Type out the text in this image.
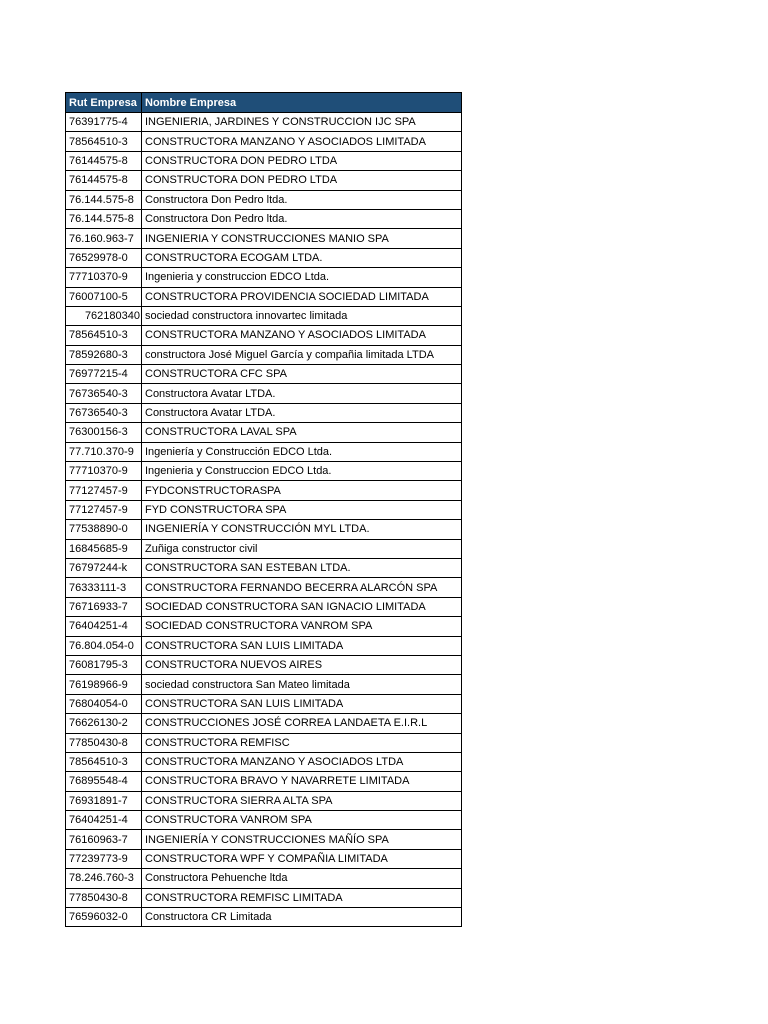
Rut Empresa	Nombre Empresa
76391775-4	INGENIERIA, JARDINES Y CONSTRUCCION IJC SPA
78564510-3	CONSTRUCTORA MANZANO Y ASOCIADOS LIMITADA
76144575-8	CONSTRUCTORA DON PEDRO LTDA
76144575-8	CONSTRUCTORA DON PEDRO LTDA
76.144.575-8	Constructora Don Pedro ltda.
76.144.575-8	Constructora Don Pedro ltda.
76.160.963-7	INGENIERIA Y CONSTRUCCIONES MANIO SPA
76529978-0	CONSTRUCTORA ECOGAM LTDA.
77710370-9	Ingenieria y construccion EDCO Ltda.
76007100-5	CONSTRUCTORA PROVIDENCIA SOCIEDAD LIMITADA
762180340	sociedad constructora innovartec limitada
78564510-3	CONSTRUCTORA MANZANO Y ASOCIADOS LIMITADA
78592680-3	constructora José Miguel García y compañia limitada LTDA
76977215-4	CONSTRUCTORA CFC SPA
76736540-3	Constructora Avatar LTDA.
76736540-3	Constructora Avatar LTDA.
76300156-3	CONSTRUCTORA LAVAL SPA
77.710.370-9	Ingeniería y Construcción EDCO Ltda.
77710370-9	Ingenieria y Construccion EDCO Ltda.
77127457-9	FYDCONSTRUCTORASPA
77127457-9	FYD CONSTRUCTORA SPA
77538890-0	INGENIERÍA Y CONSTRUCCIÓN MYL LTDA.
16845685-9	Zuñiga constructor civil
76797244-k	CONSTRUCTORA SAN ESTEBAN LTDA.
76333111-3	CONSTRUCTORA FERNANDO BECERRA ALARCÓN SPA
76716933-7	SOCIEDAD CONSTRUCTORA SAN IGNACIO LIMITADA
76404251-4	SOCIEDAD CONSTRUCTORA VANROM SPA
76.804.054-0	CONSTRUCTORA SAN LUIS LIMITADA
76081795-3	CONSTRUCTORA NUEVOS AIRES
76198966-9	sociedad constructora San Mateo limitada
76804054-0	CONSTRUCTORA SAN LUIS LIMITADA
76626130-2	CONSTRUCCIONES JOSÉ CORREA LANDAETA E.I.R.L
77850430-8	CONSTRUCTORA REMFISC
78564510-3	CONSTRUCTORA MANZANO Y ASOCIADOS LTDA
76895548-4	CONSTRUCTORA BRAVO Y NAVARRETE LIMITADA
76931891-7	CONSTRUCTORA SIERRA ALTA SPA
76404251-4	CONSTRUCTORA VANROM SPA
76160963-7	INGENIERÍA Y CONSTRUCCIONES MAÑÍO SPA
77239773-9	CONSTRUCTORA WPF Y COMPAÑIA LIMITADA
78.246.760-3	Constructora Pehuenche ltda
77850430-8	CONSTRUCTORA REMFISC LIMITADA
76596032-0	Constructora CR Limitada
